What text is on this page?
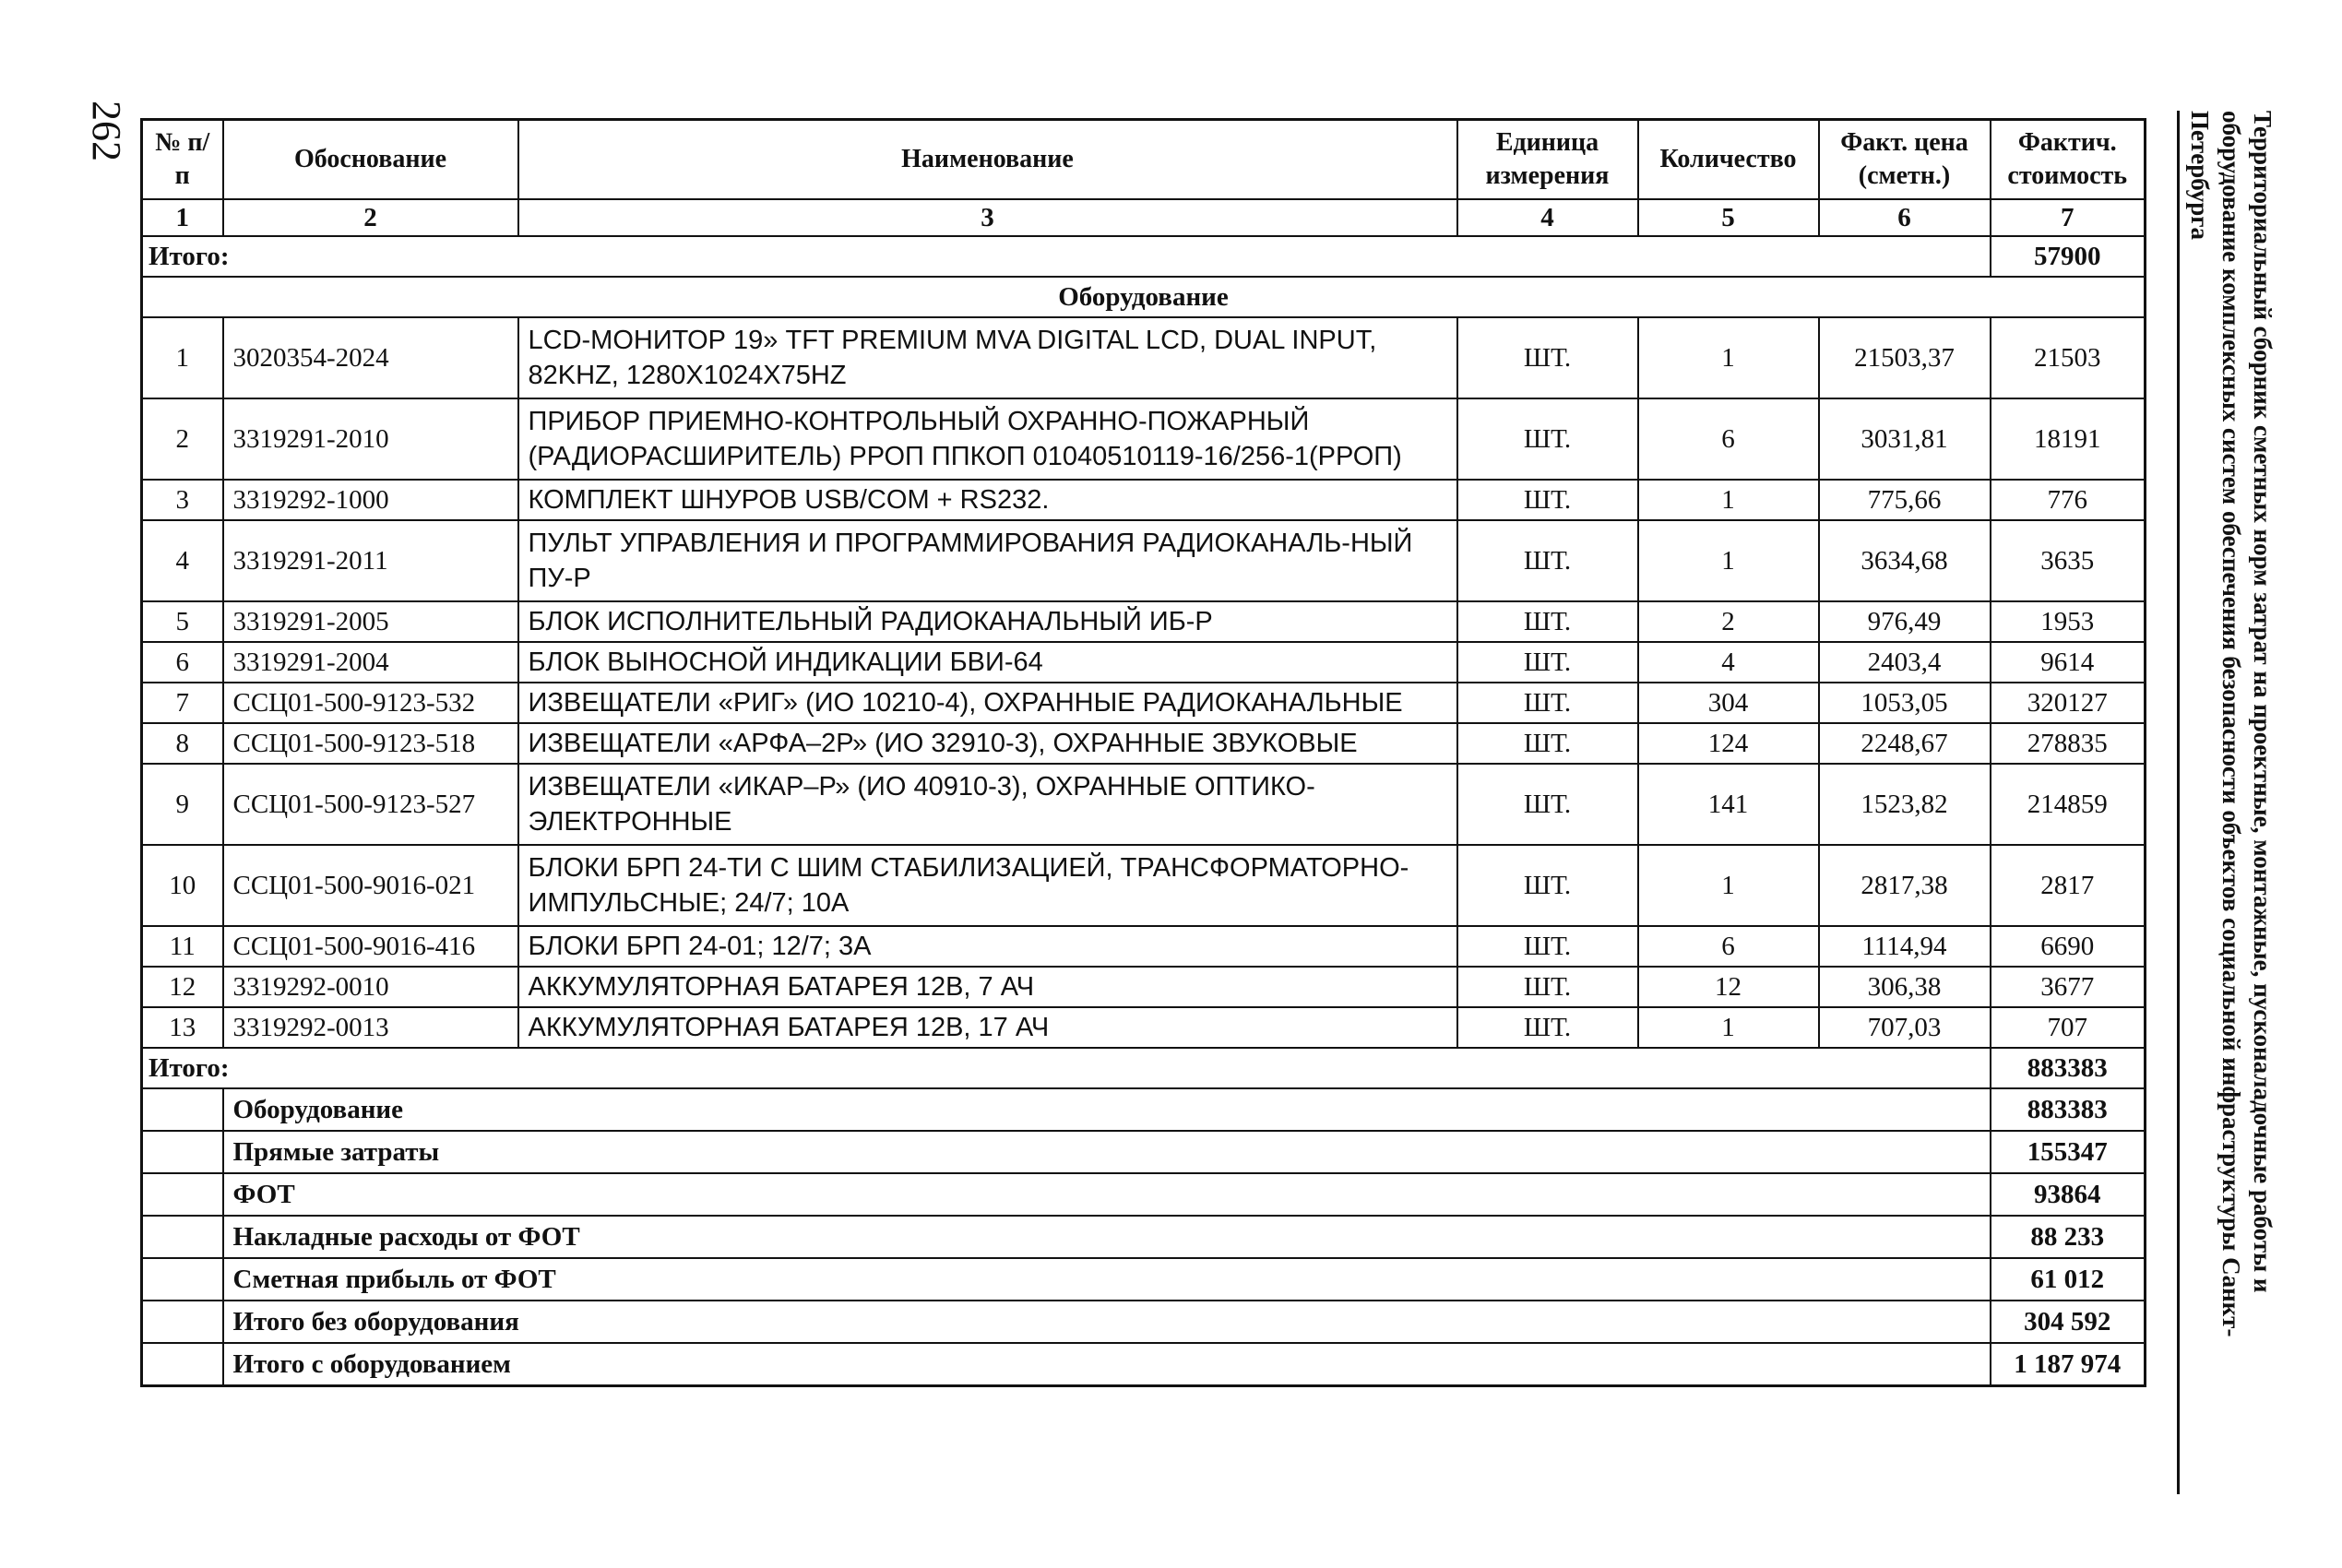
262	Территориальный сборник сметных норм затрат на проектные, монтажные, пусконаладочные работы и оборудование комплексных систем обеспечения безопасности объектов социальной инфраструктуры Санкт-Петербурга
№ п/п	Обоснование	Наименование	Единица измерения	Количество	Факт. цена (сметн.)	Фактич. стоимость
1	2	3	4	5	6	7
Итого:						57900
Оборудование						
1	3020354-2024	LCD-МОНИТОР 19» TFT PREMIUM MVA DIGITAL LCD, DUAL INPUT, 82KHZ, 1280X1024X75HZ	ШТ.	1	21503,37	21503
2	3319291-2010	ПРИБОР ПРИЕМНО-КОНТРОЛЬНЫЙ ОХРАННО-ПОЖАРНЫЙ (РАДИОРАСШИРИТЕЛЬ) РРОП ППКОП 01040510119-16/256-1(РРОП)	ШТ.	6	3031,81	18191
3	3319292-1000	КОМПЛЕКТ ШНУРОВ USB/COM + RS232.	ШТ.	1	775,66	776
4	3319291-2011	ПУЛЬТ УПРАВЛЕНИЯ И ПРОГРАММИРОВАНИЯ РАДИОКАНАЛЬ-НЫЙ ПУ-Р	ШТ.	1	3634,68	3635
5	3319291-2005	БЛОК ИСПОЛНИТЕЛЬНЫЙ РАДИОКАНАЛЬНЫЙ ИБ-Р	ШТ.	2	976,49	1953
6	3319291-2004	БЛОК ВЫНОСНОЙ ИНДИКАЦИИ БВИ-64	ШТ.	4	2403,4	9614
7	ССЦ01-500-9123-532	ИЗВЕЩАТЕЛИ «РИГ» (ИО 10210-4), ОХРАННЫЕ РАДИОКАНАЛЬНЫЕ	ШТ.	304	1053,05	320127
8	ССЦ01-500-9123-518	ИЗВЕЩАТЕЛИ «АРФА–2Р» (ИО 32910-3), ОХРАННЫЕ ЗВУКОВЫЕ	ШТ.	124	2248,67	278835
9	ССЦ01-500-9123-527	ИЗВЕЩАТЕЛИ «ИКАР–Р» (ИО 40910-3), ОХРАННЫЕ ОПТИКО-ЭЛЕКТРОННЫЕ	ШТ.	141	1523,82	214859
10	ССЦ01-500-9016-021	БЛОКИ БРП 24-ТИ С ШИМ СТАБИЛИЗАЦИЕЙ, ТРАНСФОРМАТОРНО-ИМПУЛЬСНЫЕ; 24/7; 10А	ШТ.	1	2817,38	2817
11	ССЦ01-500-9016-416	БЛОКИ БРП 24-01; 12/7; 3А	ШТ.	6	1114,94	6690
12	3319292-0010	АККУМУЛЯТОРНАЯ БАТАРЕЯ 12В, 7 АЧ	ШТ.	12	306,38	3677
13	3319292-0013	АККУМУЛЯТОРНАЯ БАТАРЕЯ 12В, 17 АЧ	ШТ.	1	707,03	707
Итого:						883383
	Оборудование					883383
	Прямые затраты					155347
	ФОТ					93864
	Накладные расходы от ФОТ					88 233
	Сметная прибыль от ФОТ					61 012
	Итого без оборудования					304 592
	Итого с оборудованием					1 187 974
